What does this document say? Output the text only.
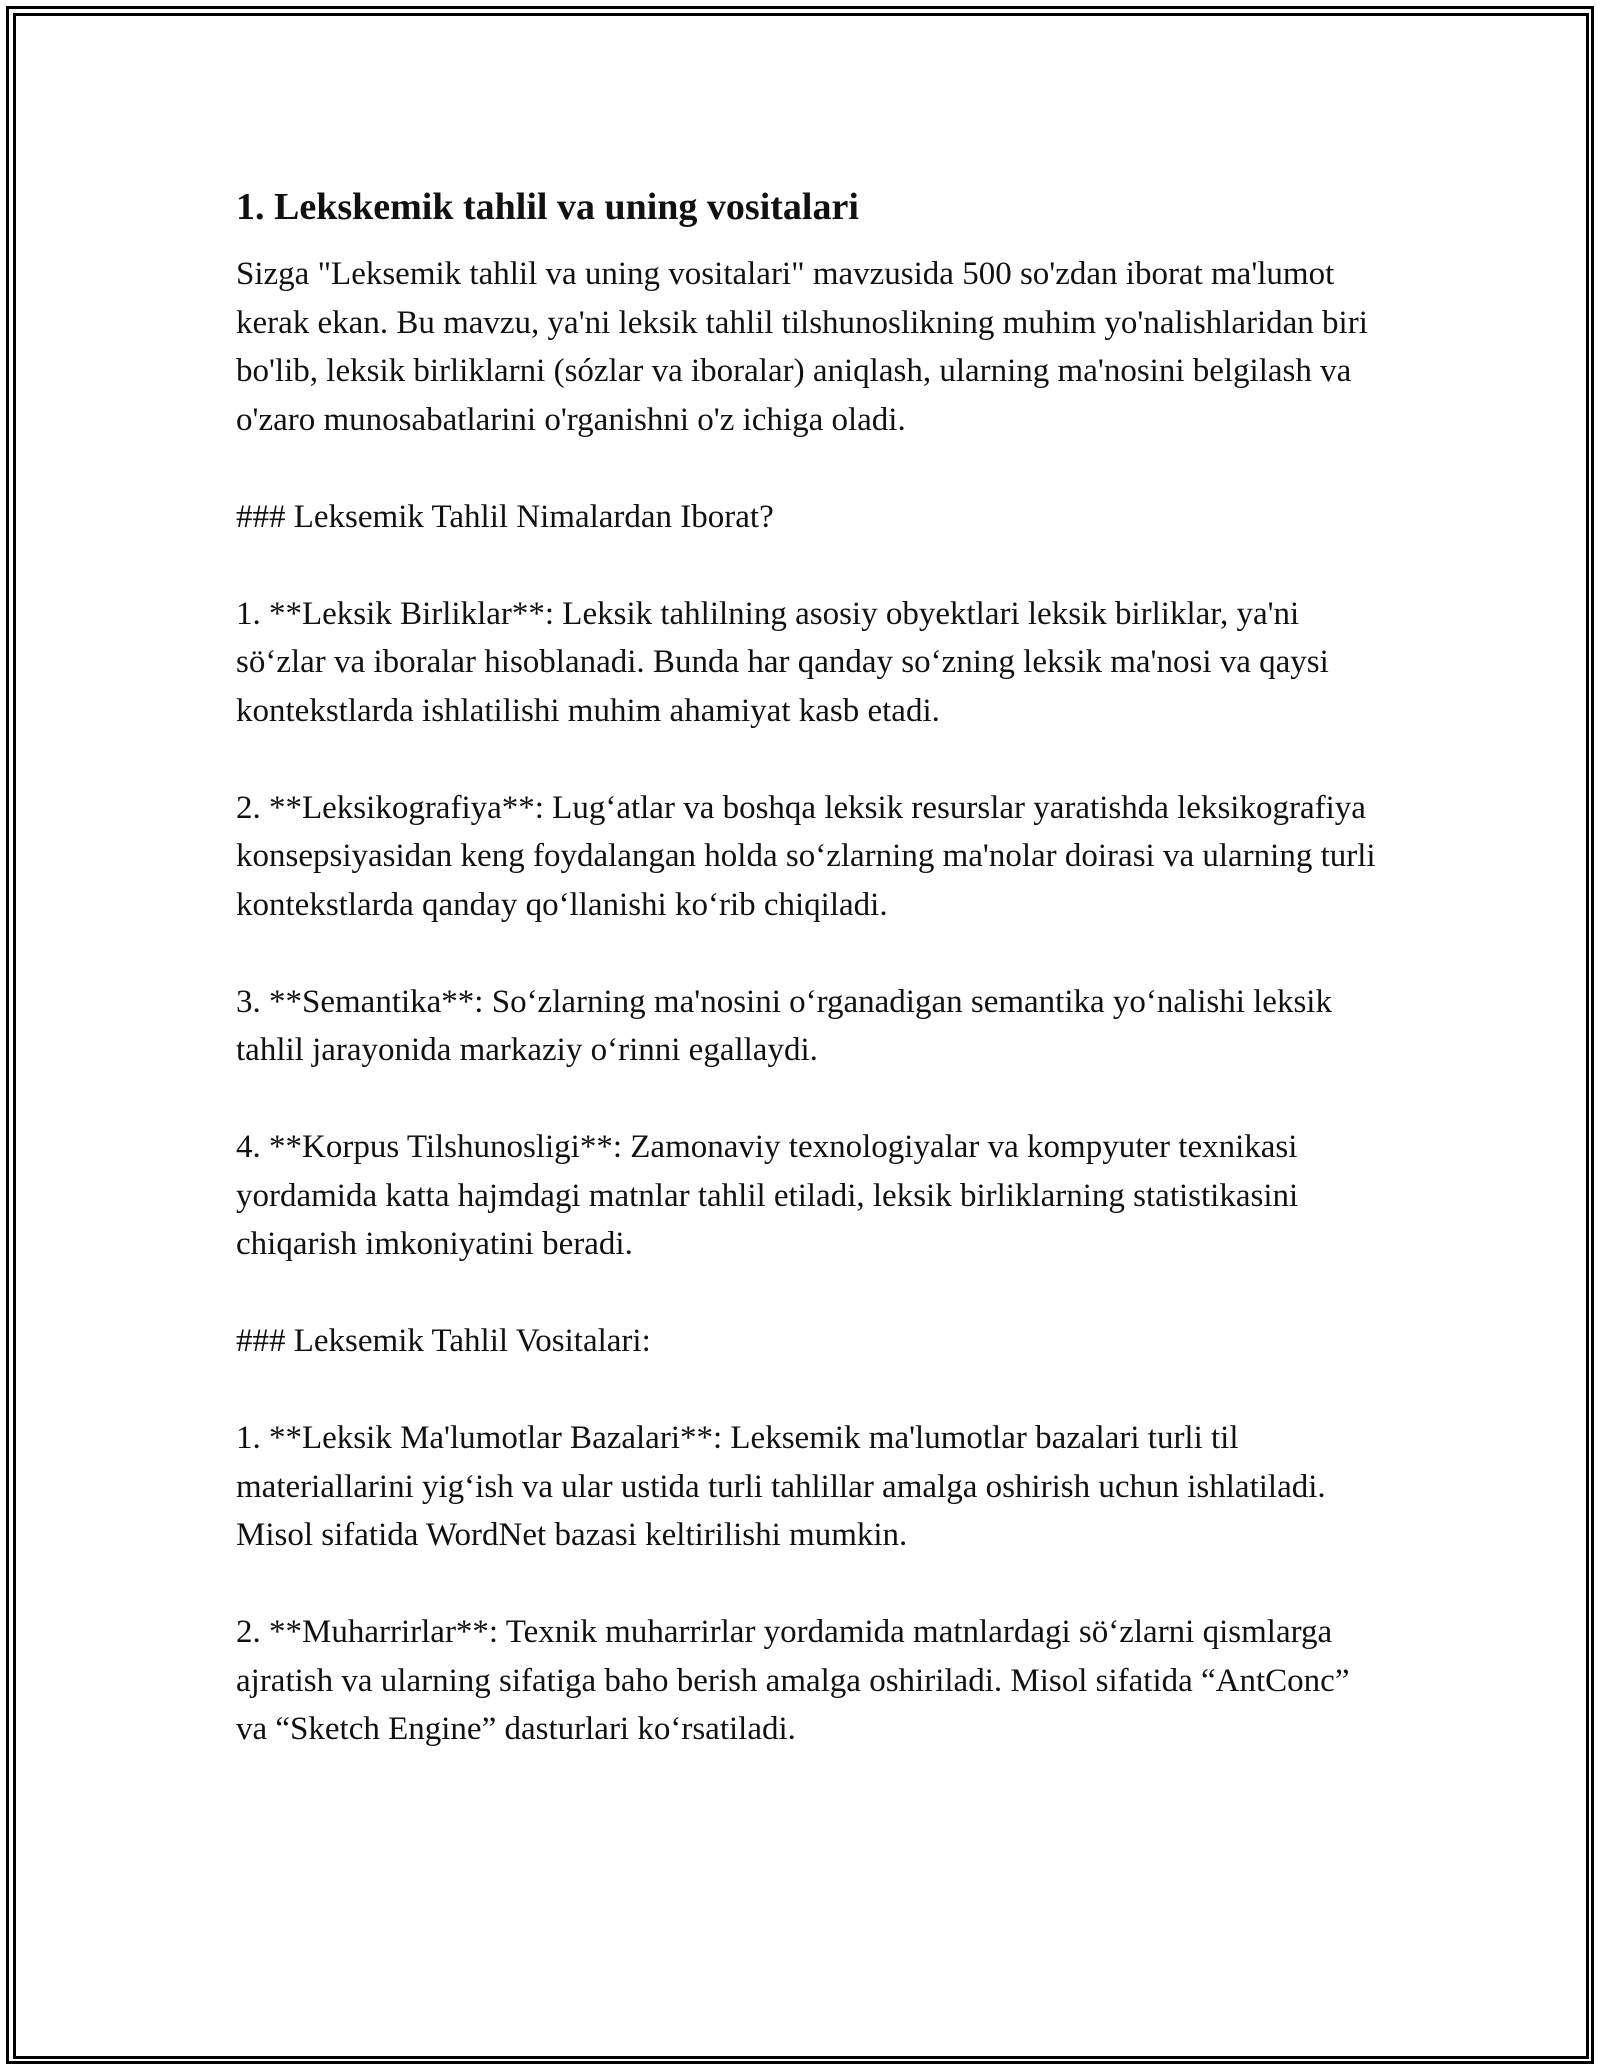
1. Lekskemik tahlil va uning vositalari

Sizga "Leksemik tahlil va uning vositalari" mavzusida 500 so'zdan iborat ma'lumot kerak ekan. Bu mavzu, ya'ni leksik tahlil tilshunoslikning muhim yo'nalishlaridan biri bo'lib, leksik birliklarni (sózlar va iboralar) aniqlash, ularning ma'nosini belgilash va o'zaro munosabatlarini o'rganishni o'z ichiga oladi.

### Leksemik Tahlil Nimalardan Iborat?

1. **Leksik Birliklar**: Leksik tahlilning asosiy obyektlari leksik birliklar, ya'ni sö‘zlar va iboralar hisoblanadi. Bunda har qanday so‘zning leksik ma'nosi va qaysi kontekstlarda ishlatilishi muhim ahamiyat kasb etadi.

2. **Leksikografiya**: Lug‘atlar va boshqa leksik resurslar yaratishda leksikografiya konsepsiyasidan keng foydalangan holda so‘zlarning ma'nolar doirasi va ularning turli kontekstlarda qanday qo‘llanishi ko‘rib chiqiladi.

3. **Semantika**: So‘zlarning ma'nosini o‘rganadigan semantika yo‘nalishi leksik tahlil jarayonida markaziy o‘rinni egallaydi.

4. **Korpus Tilshunosligi**: Zamonaviy texnologiyalar va kompyuter texnikasi yordamida katta hajmdagi matnlar tahlil etiladi, leksik birliklarning statistikasini chiqarish imkoniyatini beradi.

### Leksemik Tahlil Vositalari:

1. **Leksik Ma'lumotlar Bazalari**: Leksemik ma'lumotlar bazalari turli til materiallarini yig‘ish va ular ustida turli tahlillar amalga oshirish uchun ishlatiladi. Misol sifatida WordNet bazasi keltirilishi mumkin.

2. **Muharrirlar**: Texnik muharrirlar yordamida matnlardagi sö‘zlarni qismlarga ajratish va ularning sifatiga baho berish amalga oshiriladi. Misol sifatida “AntConc” va “Sketch Engine” dasturlari ko‘rsatiladi.
